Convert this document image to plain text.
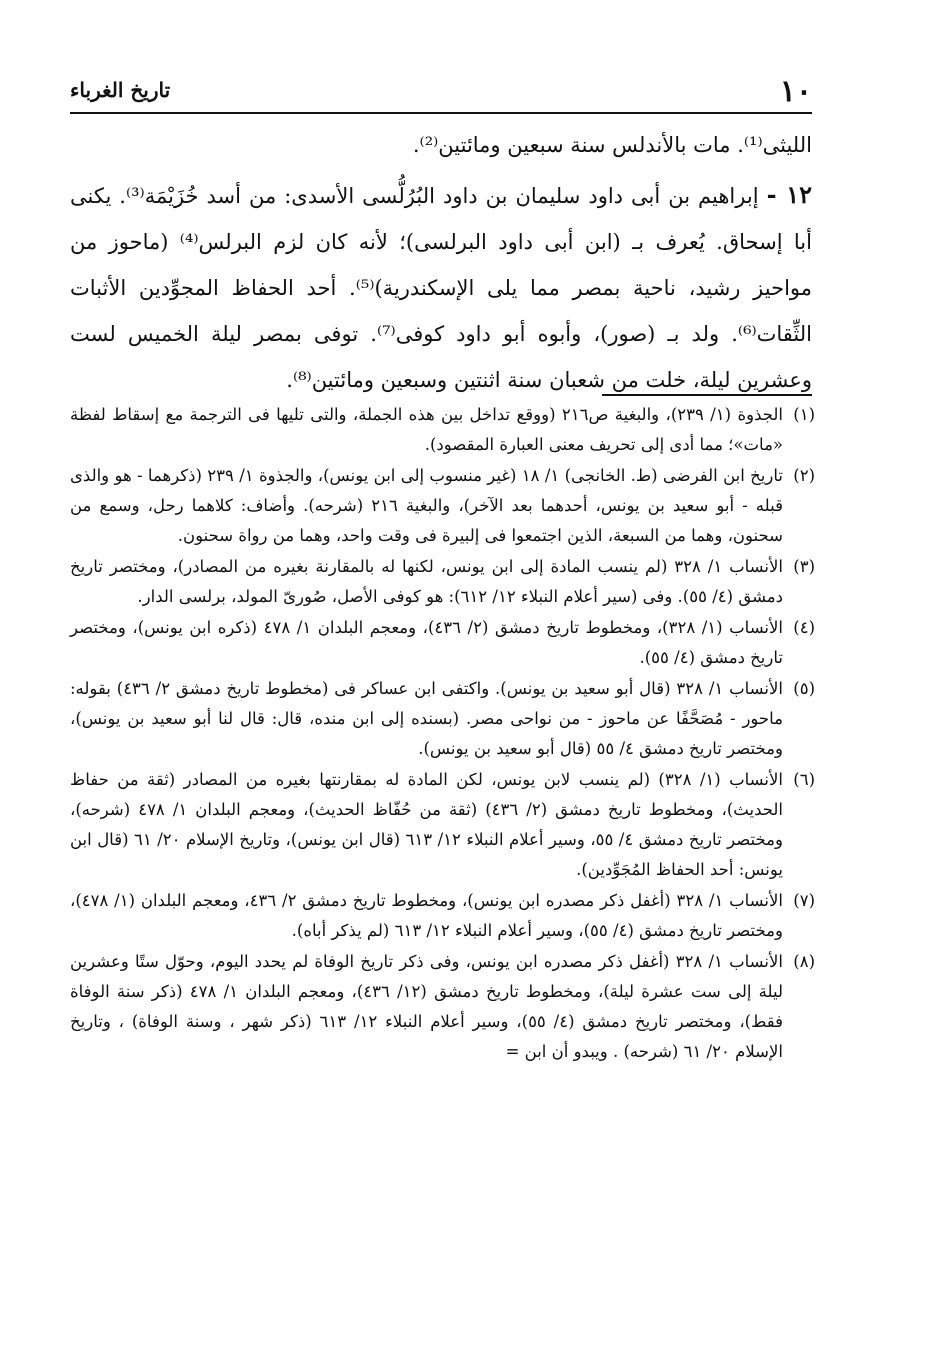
١٠
تاريخ الغرباء

الليثى⁽¹⁾. مات بالأندلس سنة سبعين ومائتين⁽²⁾.

١٢ - إبراهيم بن أبى داود سليمان بن داود البُرُلُّسى الأسدى: من أسد خُزَيْمَة⁽³⁾. يكنى أبا إسحاق. يُعرف بـ (ابن أبى داود البرلسى)؛ لأنه كان لزم البرلس⁽⁴⁾ (ماحوز من مواحيز رشيد، ناحية بمصر مما يلى الإسكندرية)⁽⁵⁾. أحد الحفاظ المجوِّدين الأثبات الثِّقات⁽⁶⁾. ولد بـ (صور)، وأبوه أبو داود كوفى⁽⁷⁾. توفى بمصر ليلة الخميس لست وعشرين ليلة، خلت من شعبان سنة اثنتين وسبعين ومائتين⁽⁸⁾.

(١)
الجذوة (١/ ٢٣٩)، والبغية ص٢١٦ (ووقع تداخل بين هذه الجملة، والتى تليها فى الترجمة مع إسقاط لفظة «مات»؛ مما أدى إلى تحريف معنى العبارة المقصود).
(٢)
تاريخ ابن الفرضى (ط. الخانجى) ١/ ١٨ (غير منسوب إلى ابن يونس)، والجذوة ١/ ٢٣٩ (ذكرهما - هو والذى قبله - أبو سعيد بن يونس، أحدهما بعد الآخر)، والبغية ٢١٦ (شرحه). وأضاف: كلاهما رحل، وسمع من سحنون، وهما من السبعة، الذين اجتمعوا فى إلبيرة فى وقت واحد، وهما من رواة سحنون.
(٣)
الأنساب ١/ ٣٢٨ (لم ينسب المادة إلى ابن يونس، لكنها له بالمقارنة بغيره من المصادر)، ومختصر تاريخ دمشق (٤/ ٥٥). وفى (سير أعلام النبلاء ١٢/ ٦١٢): هو كوفى الأصل، صُورىّ المولد، برلسى الدار.
(٤)
الأنساب (١/ ٣٢٨)، ومخطوط تاريخ دمشق (٢/ ٤٣٦)، ومعجم البلدان ١/ ٤٧٨ (ذكره ابن يونس)، ومختصر تاريخ دمشق (٤/ ٥٥).
(٥)
الأنساب ١/ ٣٢٨ (قال أبو سعيد بن يونس). واكتفى ابن عساكر فى (مخطوط تاريخ دمشق ٢/ ٤٣٦) بقوله: ماحور - مُصَحَّفًا عن ماحوز - من نواحى مصر. (بسنده إلى ابن منده، قال: قال لنا أبو سعيد بن يونس)، ومختصر تاريخ دمشق ٤/ ٥٥ (قال أبو سعيد بن يونس).
(٦)
الأنساب (١/ ٣٢٨) (لم ينسب لابن يونس، لكن المادة له بمقارنتها بغيره من المصادر (ثقة من حفاظ الحديث)، ومخطوط تاريخ دمشق (٢/ ٤٣٦) (ثقة من حُفّاظ الحديث)، ومعجم البلدان ١/ ٤٧٨ (شرحه)، ومختصر تاريخ دمشق ٤/ ٥٥، وسير أعلام النبلاء ١٢/ ٦١٣ (قال ابن يونس)، وتاريخ الإسلام ٢٠/ ٦١ (قال ابن يونس: أحد الحفاظ المُجَوِّدين).
(٧)
الأنساب ١/ ٣٢٨ (أغفل ذكر مصدره ابن يونس)، ومخطوط تاريخ دمشق ٢/ ٤٣٦، ومعجم البلدان (١/ ٤٧٨)، ومختصر تاريخ دمشق (٤/ ٥٥)، وسير أعلام النبلاء ١٢/ ٦١٣ (لم يذكر أباه).
(٨)
الأنساب ١/ ٣٢٨ (أغفل ذكر مصدره ابن يونس، وفى ذكر تاريخ الوفاة لم يحدد اليوم، وحوّل ستًا وعشرين ليلة إلى ست عشرة ليلة)، ومخطوط تاريخ دمشق (١٢/ ٤٣٦)، ومعجم البلدان ١/ ٤٧٨ (ذكر سنة الوفاة فقط)، ومختصر تاريخ دمشق (٤/ ٥٥)، وسير أعلام النبلاء ١٢/ ٦١٣ (ذكر شهر ، وسنة الوفاة) ، وتاريخ الإسلام ٢٠/ ٦١ (شرحه) . ويبدو أن ابن =
